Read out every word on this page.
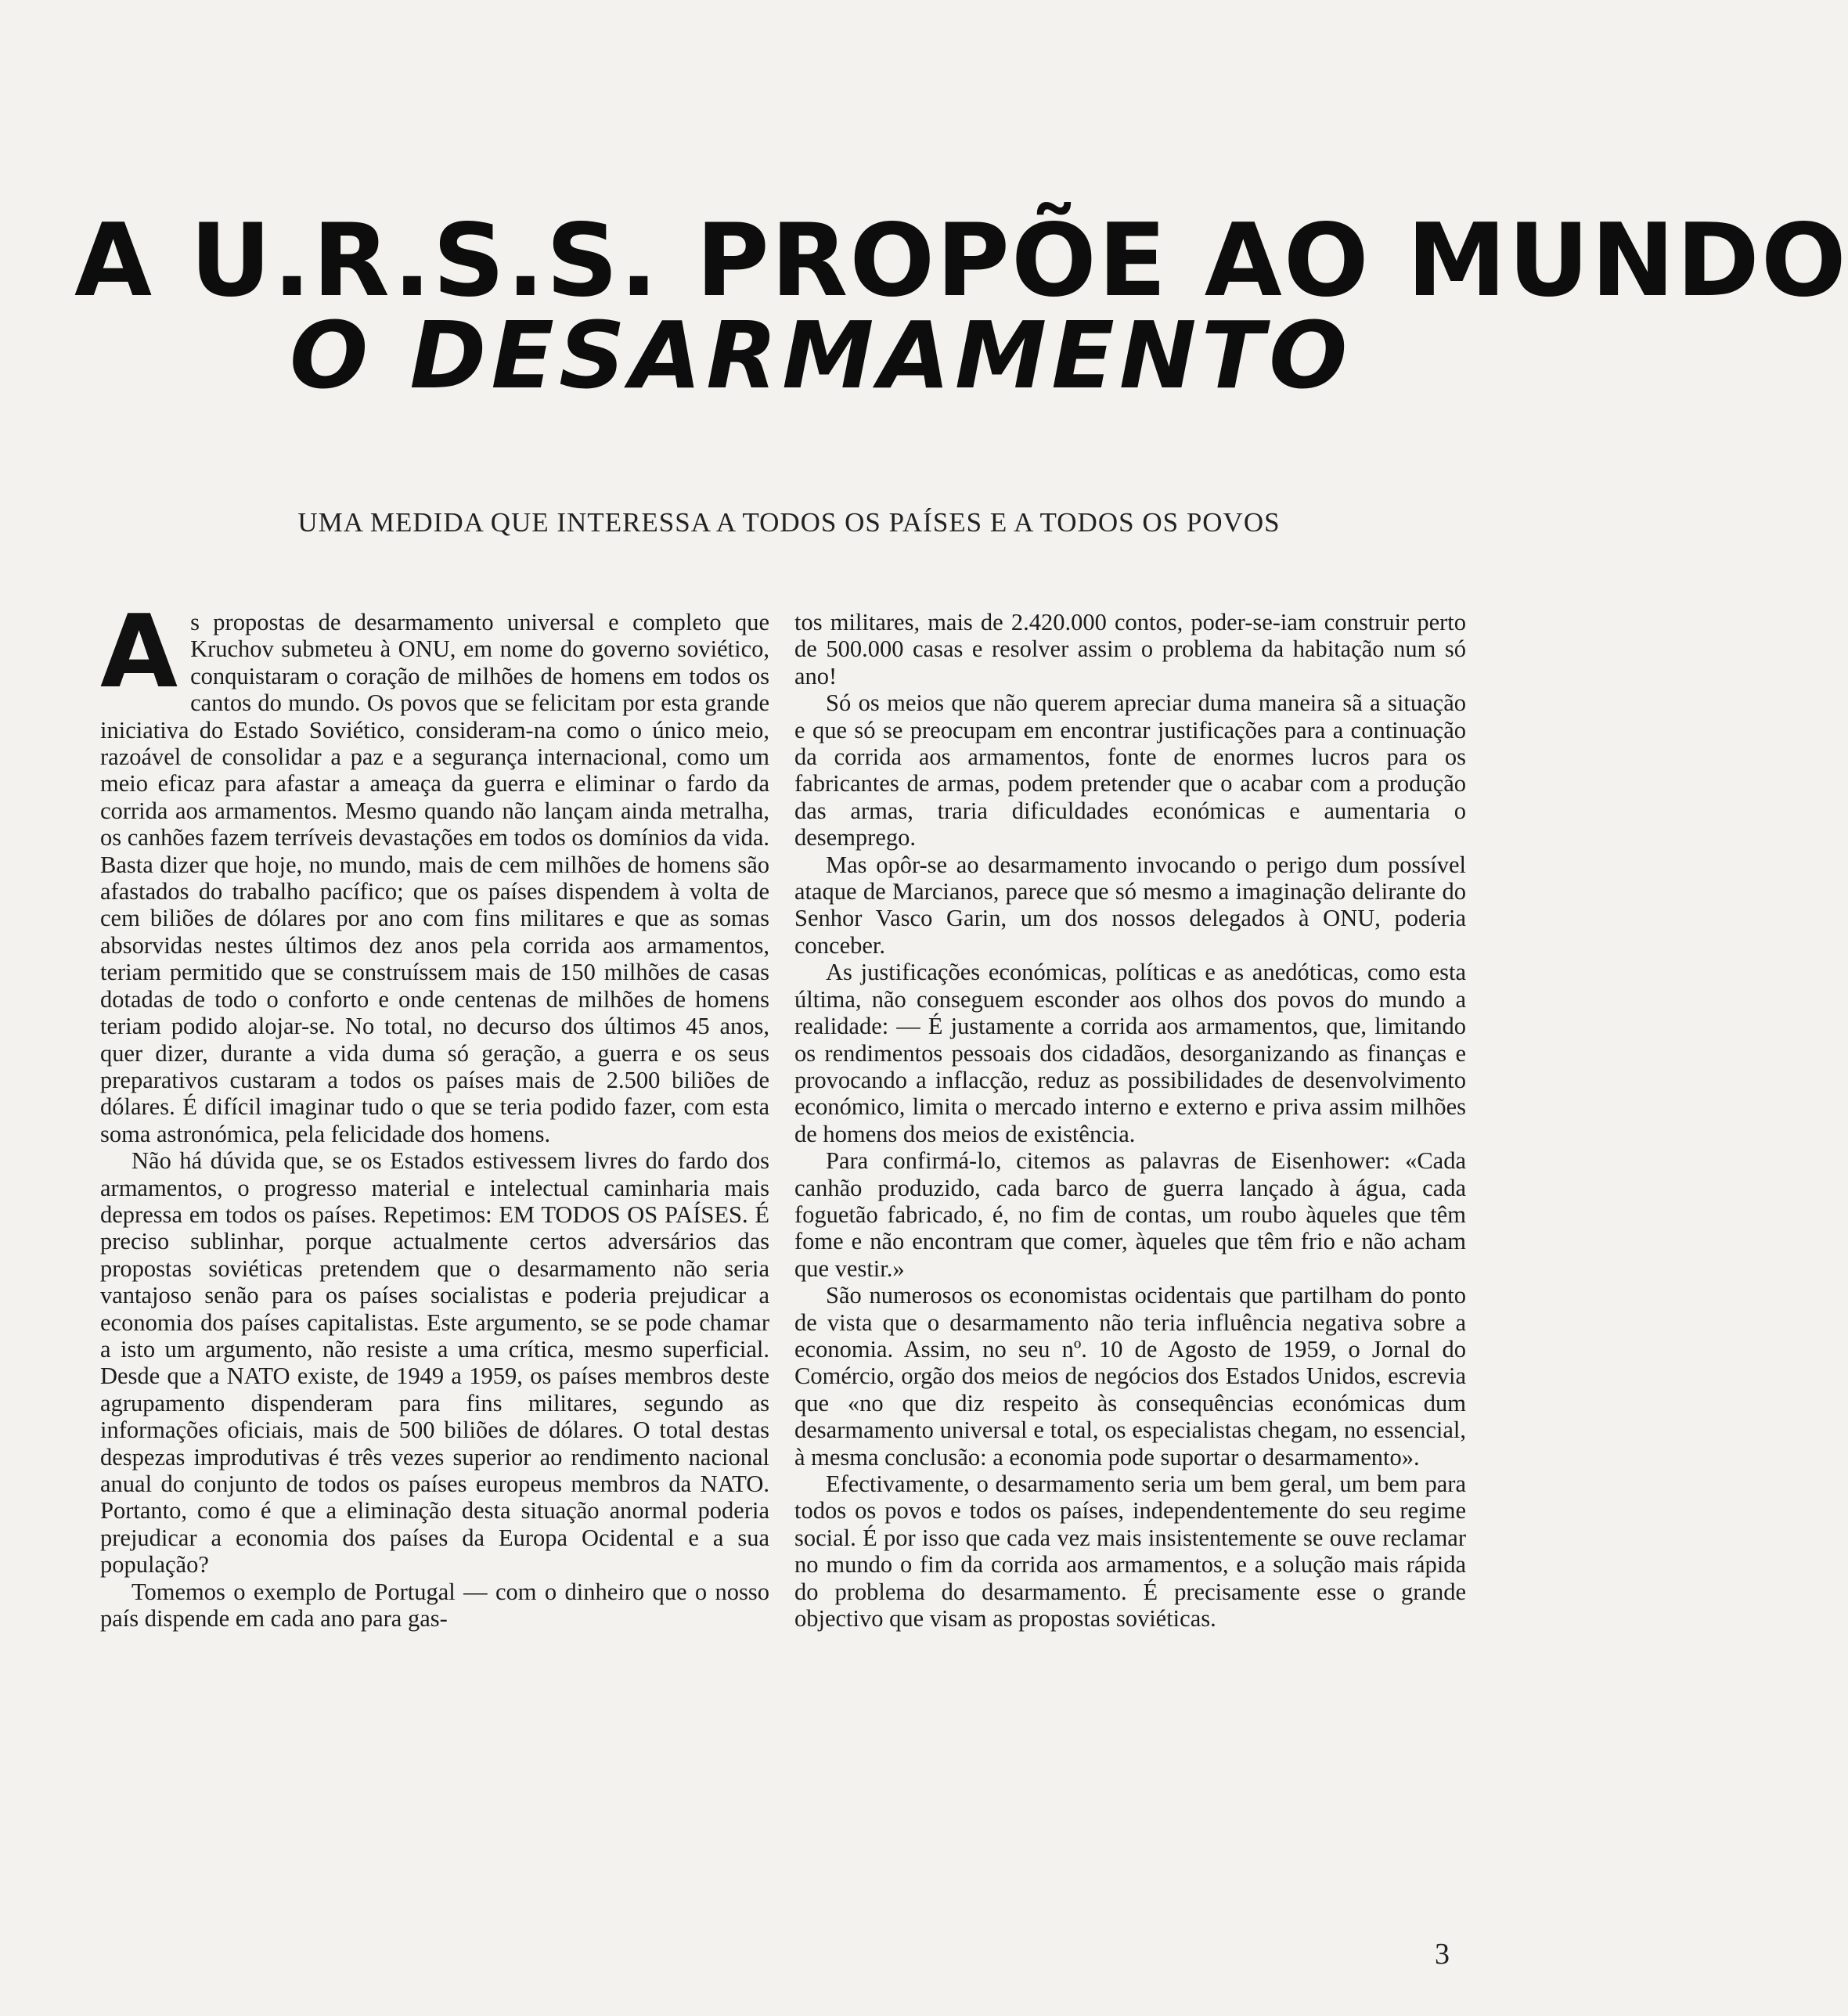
A U.R.S.S. PROPÕE AO MUNDO
O DESARMAMENTO

UMA MEDIDA QUE INTERESSA A TODOS OS PAÍSES E A TODOS OS POVOS

A s propostas de desarmamento universal e completo que Kruchov submeteu à ONU, em nome do governo soviético, conquistaram o coração de milhões de homens em todos os cantos do mundo. Os povos que se felicitam por esta grande iniciativa do Estado Soviético, consideram-na como o único meio, razoável de consolidar a paz e a segurança internacional, como um meio eficaz para afastar a ameaça da guerra e eliminar o fardo da corrida aos armamentos. Mesmo quando não lançam ainda metralha, os canhões fazem terríveis devastações em todos os domínios da vida. Basta dizer que hoje, no mundo, mais de cem milhões de homens são afastados do trabalho pacífico; que os países dispendem à volta de cem biliões de dólares por ano com fins militares e que as somas absorvidas nestes últimos dez anos pela corrida aos armamentos, teriam permitido que se construíssem mais de 150 milhões de casas dotadas de todo o conforto e onde centenas de milhões de homens teriam podido alojar-se. No total, no decurso dos últimos 45 anos, quer dizer, durante a vida duma só geração, a guerra e os seus preparativos custaram a todos os países mais de 2.500 biliões de dólares. É difícil imaginar tudo o que se teria podido fazer, com esta soma astronómica, pela felicidade dos homens.

Não há dúvida que, se os Estados estivessem livres do fardo dos armamentos, o progresso material e intelectual caminharia mais depressa em todos os países. Repetimos: EM TODOS OS PAÍSES. É preciso sublinhar, porque actualmente certos adversários das propostas soviéticas pretendem que o desarmamento não seria vantajoso senão para os países socialistas e poderia prejudicar a economia dos países capitalistas. Este argumento, se se pode chamar a isto um argumento, não resiste a uma crítica, mesmo superficial. Desde que a NATO existe, de 1949 a 1959, os países membros deste agrupamento dispenderam para fins militares, segundo as informações oficiais, mais de 500 biliões de dólares. O total destas despezas improdutivas é três vezes superior ao rendimento nacional anual do conjunto de todos os países europeus membros da NATO. Portanto, como é que a eliminação desta situação anormal poderia prejudicar a economia dos países da Europa Ocidental e a sua população?

Tomemos o exemplo de Portugal — com o dinheiro que o nosso país dispende em cada ano para gas-

tos militares, mais de 2.420.000 contos, poder-se-iam construir perto de 500.000 casas e resolver assim o problema da habitação num só ano!

Só os meios que não querem apreciar duma maneira sã a situação e que só se preocupam em encontrar justificações para a continuação da corrida aos armamentos, fonte de enormes lucros para os fabricantes de armas, podem pretender que o acabar com a produção das armas, traria dificuldades económicas e aumentaria o desemprego.

Mas opôr-se ao desarmamento invocando o perigo dum possível ataque de Marcianos, parece que só mesmo a imaginação delirante do Senhor Vasco Garin, um dos nossos delegados à ONU, poderia conceber.

As justificações económicas, políticas e as anedóticas, como esta última, não conseguem esconder aos olhos dos povos do mundo a realidade: — É justamente a corrida aos armamentos, que, limitando os rendimentos pessoais dos cidadãos, desorganizando as finanças e provocando a inflacção, reduz as possibilidades de desenvolvimento económico, limita o mercado interno e externo e priva assim milhões de homens dos meios de existência.

Para confirmá-lo, citemos as palavras de Eisenhower: «Cada canhão produzido, cada barco de guerra lançado à água, cada foguetão fabricado, é, no fim de contas, um roubo àqueles que têm fome e não encontram que comer, àqueles que têm frio e não acham que vestir.»

São numerosos os economistas ocidentais que partilham do ponto de vista que o desarmamento não teria influência negativa sobre a economia. Assim, no seu nº. 10 de Agosto de 1959, o Jornal do Comércio, orgão dos meios de negócios dos Estados Unidos, escrevia que «no que diz respeito às consequências económicas dum desarmamento universal e total, os especialistas chegam, no essencial, à mesma conclusão: a economia pode suportar o desarmamento».

Efectivamente, o desarmamento seria um bem geral, um bem para todos os povos e todos os países, independentemente do seu regime social. É por isso que cada vez mais insistentemente se ouve reclamar no mundo o fim da corrida aos armamentos, e a solução mais rápida do problema do desarmamento. É precisamente esse o grande objectivo que visam as propostas soviéticas.

3
